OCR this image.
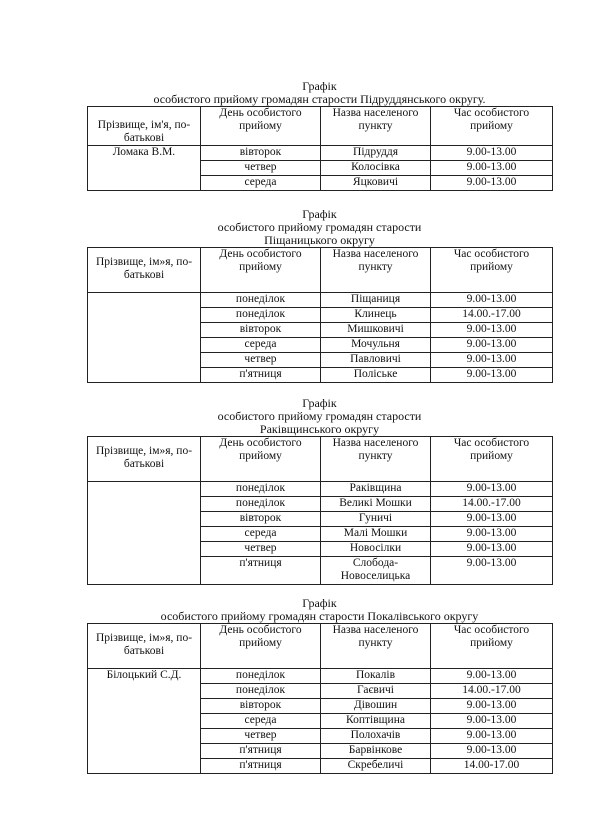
Графік

особистого прийому громадян старости Підруддянського округу.

Прізвище, ім'я, по- батькові	День особистого прийому	Назва населеного пункту	Час особистого прийому
Ломака В.М.	вівторок	Підруддя	9.00-13.00
	четвер	Колосівка	9.00-13.00
	середа	Яцковичі	9.00-13.00

Графік

особистого прийому громадян старости

Піщаницького округу

Прізвище, ім»я, по- батькові	День особистого прийому	Назва населеного пункту	Час особистого прийому
	понеділок	Піщаниця	9.00-13.00
	понеділок	Клинець	14.00.-17.00
	вівторок	Мишковичі	9.00-13.00
	середа	Мочульня	9.00-13.00
	четвер	Павловичі	9.00-13.00
	п'ятниця	Поліське	9.00-13.00

Графік

особистого прийому громадян старости

Раківщинського округу

Прізвище, ім»я, по- батькові	День особистого прийому	Назва населеного пункту	Час особистого прийому
	понеділок	Раківщина	9.00-13.00
	понеділок	Великі Мошки	14.00.-17.00
	вівторок	Гуничі	9.00-13.00
	середа	Малі Мошки	9.00-13.00
	четвер	Новосілки	9.00-13.00
	п'ятниця	Слобода-Новоселицька	9.00-13.00

Графік

особистого прийому громадян старости Покалівського округу

Прізвище, ім»я, по- батькові	День особистого прийому	Назва населеного пункту	Час особистого прийому
Білоцький С.Д.	понеділок	Покалів	9.00-13.00
	понеділок	Гаєвичі	14.00.-17.00
	вівторок	Дівошин	9.00-13.00
	середа	Коптівщина	9.00-13.00
	четвер	Полохачів	9.00-13.00
	п'ятниця	Барвінкове	9.00-13.00
	п'ятниця	Скребеличі	14.00-17.00
